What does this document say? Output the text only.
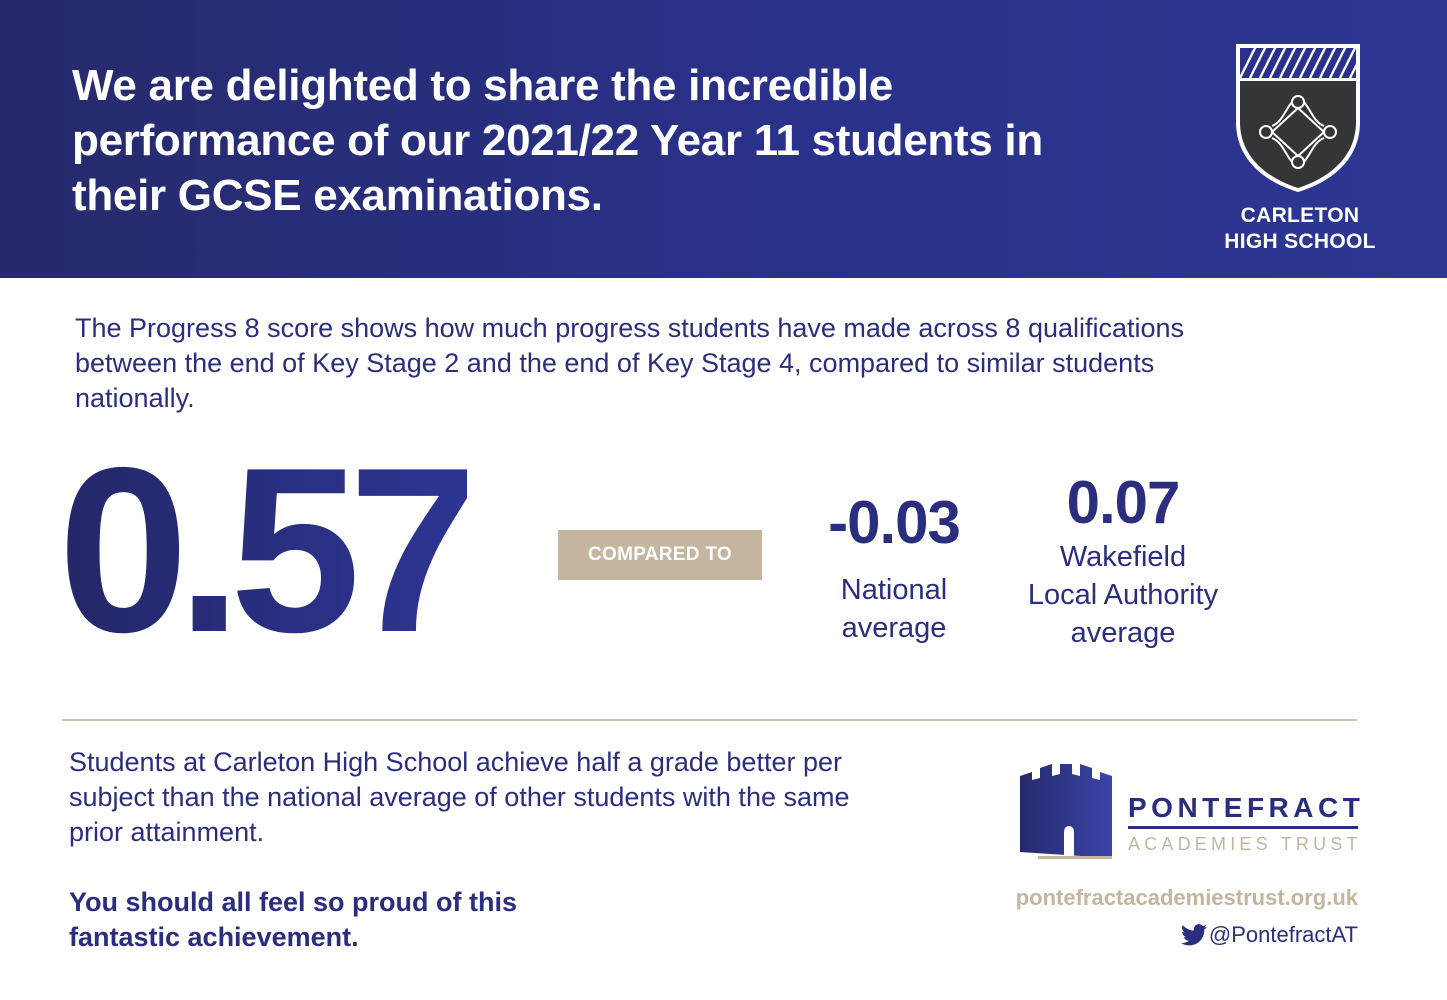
We are delighted to share the incredible performance of our 2021/22 Year 11 students in their GCSE examinations.	CARLETON
HIGH SCHOOL
The Progress 8 score shows how much progress students have made across 8 qualifications between the end of Key Stage 2 and the end of Key Stage 4, compared to similar students nationally.
0.57	COMPARED TO	-0.03
National
average
0.07
Wakefield
Local Authority
average
Students at Carleton High School achieve half a grade better per subject than the national average of other students with the same prior attainment.
You should all feel so proud of this
fantastic achievement.
PONTEFRACT
ACADEMIES TRUST
pontefractacademiestrust.org.uk
@PontefractAT
